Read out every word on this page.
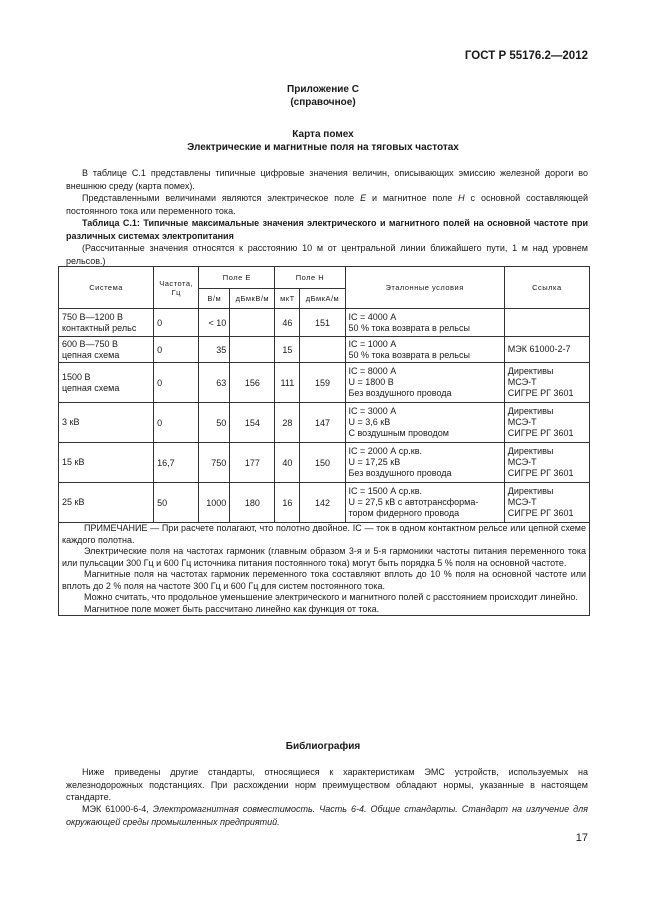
ГОСТ Р 55176.2—2012
Приложение С
(справочное)
Карта помех
Электрические и магнитные поля на тяговых частотах
В таблице С.1 представлены типичные цифровые значения величин, описывающих эмиссию железной дороги во внешнюю среду (карта помех).
Представленными величинами являются электрическое поле E и магнитное поле H с основной составляющей постоянного тока или переменного тока.
Таблица С.1: Типичные максимальные значения электрического и магнитного полей на основной частоте при различных системах электропитания
(Рассчитанные значения относятся к расстоянию 10 м от центральной линии ближайшего пути, 1 м над уровнем рельсов.)
Система	Частота, Гц	Поле E		Поле H		Эталонные условия	Ссылка
		В/м	дБмкВ/м	мкТ	дБмкА/м		

750 В—1200 В
контактный рельс	0	< 10		46	151	IC = 4000 А
50 % тока возврата в рельсы	

600 В—750 В
цепная схема	0	35		15		IC = 1000 А
50 % тока возврата в рельсы	МЭК 61000-2-7

1500 В
цепная схема	0	63	156	111	159	IC = 8000 А
U = 1800 В
Без воздушного провода	Директивы
МСЭ-Т
СИГРЕ РГ 3601

3 кВ	0	50	154	28	147	IC = 3000 А
U = 3,6 кВ
С воздушным проводом	Директивы
МСЭ-Т
СИГРЕ РГ 3601

15 кВ	16,7	750	177	40	150	IC = 2000 А ср.кв.
U = 17,25 кВ
Без воздушного провода	Директивы
МСЭ-Т
СИГРЕ РГ 3601

25 кВ	50	1000	180	16	142	IC = 1500 А ср.кв.
U = 27,5 кВ с автотрансформа-
тором фидерного провода	Директивы
МСЭ-Т
СИГРЕ РГ 3601

ПРИМЕЧАНИЕ — При расчете полагают, что полотно двойное. IC — ток в одном контактном рельсе или цепной схеме каждого полотна.

Электрические поля на частотах гармоник (главным образом 3-я и 5-я гармоники частоты питания переменного тока или пульсации 300 Гц и 600 Гц источника питания постоянного тока) могут быть порядка 5 % поля на основной частоте.

Магнитные поля на частотах гармоник переменного тока составляют вплоть до 10 % поля на основной частоте или вплоть до 2 % поля на частоте 300 Гц и 600 Гц для систем постоянного тока.

Можно считать, что продольное уменьшение электрического и магнитного полей с расстоянием происходит линейно.

Магнитное поле может быть рассчитано линейно как функция от тока.							

Библиография
Ниже приведены другие стандарты, относящиеся к характеристикам ЭМС устройств, используемых на железнодорожных подстанциях. При расхождении норм преимуществом обладают нормы, указанные в настоящем стандарте.
МЭК 61000-6-4, Электромагнитная совместимость. Часть 6-4. Общие стандарты. Стандарт на излучение для окружающей среды промышленных предприятий.
17
